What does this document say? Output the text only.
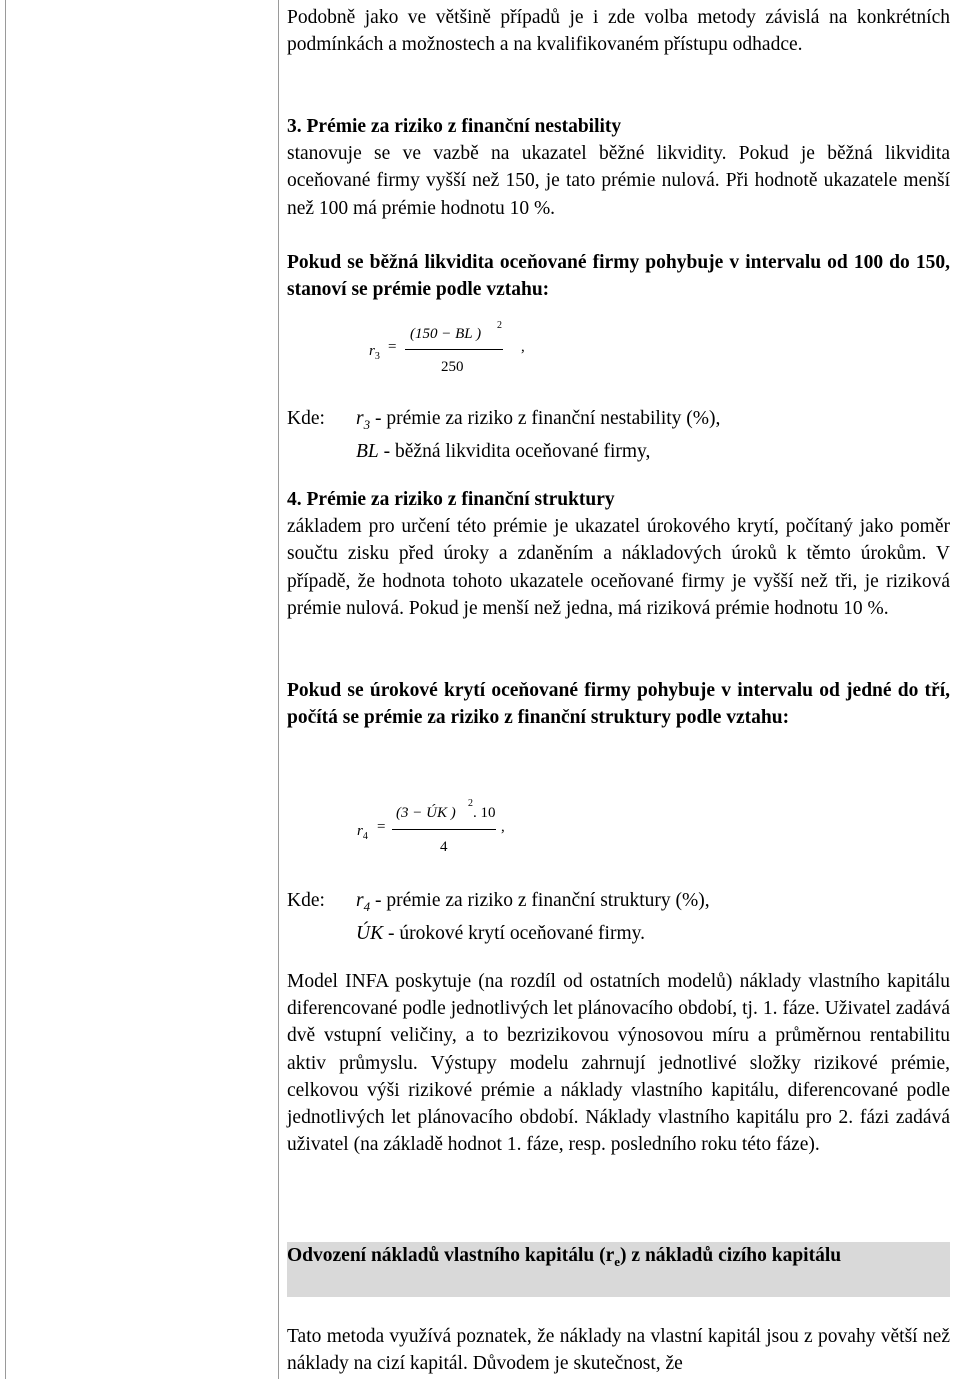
Podobně jako ve většině případů je i zde volba metody závislá na konkrétních podmínkách a možnostech a na kvalifikovaném přístupu odhadce.

3. Prémie za riziko z finanční nestability

stanovuje se ve vazbě na ukazatel běžné likvidity. Pokud je běžná likvidita oceňované firmy vyšší než 150, je tato prémie nulová. Při hodnotě ukazatele menší než 100 má prémie hodnotu 10 %.

Pokud se běžná likvidita oceňované firmy pohybuje v intervalu od 100 do 150, stanoví se prémie podle vztahu:

$r_3$
=
(150 − BL )
2
,
250
Kde: $r_3$ - prémie za riziko z finanční nestability (%),
BL - běžná likvidita oceňované firmy,

4. Prémie za riziko z finanční struktury

základem pro určení této prémie je ukazatel úrokového krytí, počítaný jako poměr součtu zisku před úroky a zdaněním a nákladových úroků k těmto úrokům. V případě, že hodnota tohoto ukazatele oceňované firmy je vyšší než tři, je riziková prémie nulová. Pokud je menší než jedna, má riziková prémie hodnotu 10 %.

Pokud se úrokové krytí oceňované firmy pohybuje v intervalu od jedné do tří, počítá se prémie za riziko z finanční struktury podle vztahu:

$r_4$
=
(3 − ÚK )
2
. 10
,
4
Kde: $r_4$ - prémie za riziko z finanční struktury (%),
ÚK - úrokové krytí oceňované firmy.

Model INFA poskytuje (na rozdíl od ostatních modelů) náklady vlastního kapitálu diferencované podle jednotlivých let plánovacího období, tj. 1. fáze. Uživatel zadává dvě vstupní veličiny, a to bezrizikovou výnosovou míru a průměrnou rentabilitu aktiv průmyslu. Výstupy modelu zahrnují jednotlivé složky rizikové prémie, celkovou výši rizikové prémie a náklady vlastního kapitálu, diferencované podle jednotlivých let plánovacího období. Náklady vlastního kapitálu pro 2. fázi zadává uživatel (na základě hodnot 1. fáze, resp. posledního roku této fáze).

Odvození nákladů vlastního kapitálu $(r_e)$ z nákladů cizího kapitálu

Tato metoda využívá poznatek, že náklady na vlastní kapitál jsou z povahy větší než náklady na cizí kapitál. Důvodem je skutečnost, že
